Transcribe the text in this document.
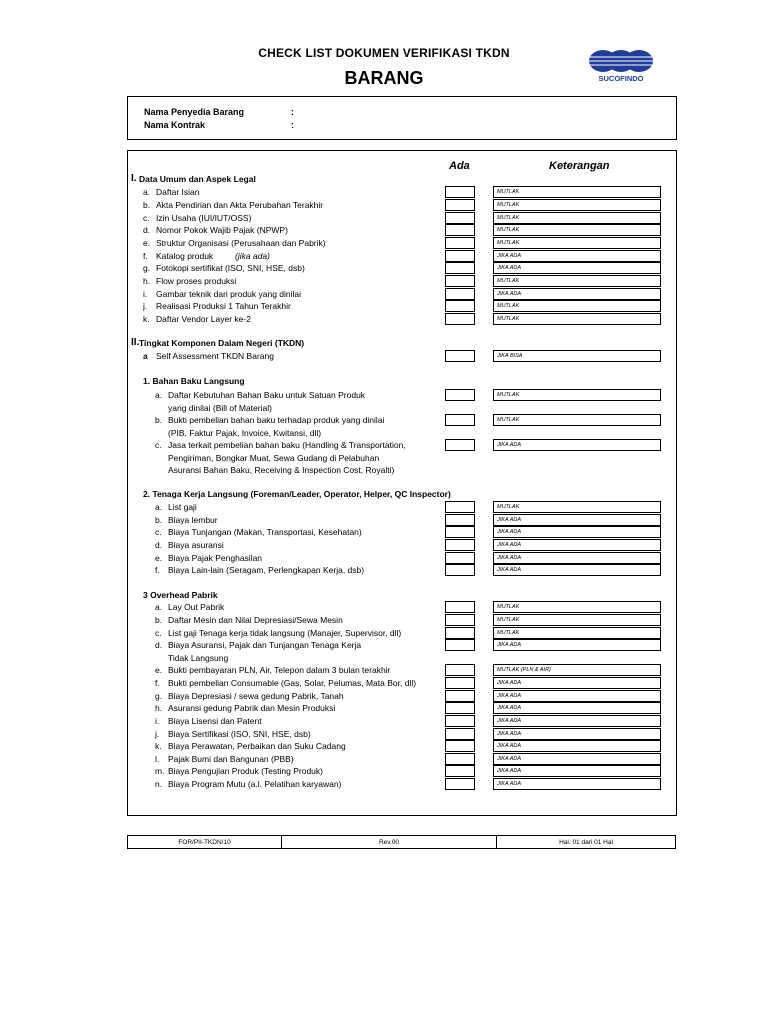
CHECK LIST DOKUMEN VERIFIKASI TKDN
BARANG	SUCOFINDO
Nama Penyedia Barang	:
Nama Kontrak	:
Ada	Keterangan
I. Data Umum dan Aspek Legal
a. Daftar Isian	MUTLAK
b. Akta Pendirian dan Akta Perubahan Terakhir	MUTLAK
c. Izin Usaha (IUI/IUT/OSS)	MUTLAK
d. Nomor Pokok Wajib Pajak (NPWP)	MUTLAK
e. Struktur Organisasi (Perusahaan dan Pabrik)	MUTLAK
f. Katalog produk	(jika ada)	JIKA ADA
g. Fotokopi sertifikat (ISO, SNI, HSE, dsb)	JIKA ADA
h. Flow proses produksi	MUTLAK
i. Gambar teknik dari produk yang dinilai	JIKA ADA
j. Realisasi Produksi 1 Tahun Terakhir	MUTLAK
k. Daftar Vendor Layer ke-2	MUTLAK
II. Tingkat Komponen Dalam Negeri (TKDN)
a Self Assessment TKDN Barang	JIKA BISA
1. Bahan Baku Langsung
a. Daftar Kebutuhan Bahan Baku untuk Satuan Produk	MUTLAK
yang dinilai (Bill of Material)
b. Bukti pembelian bahan baku terhadap produk yang dinilai	MUTLAK
(PIB, Faktur Pajak, Invoice, Kwitansi, dll)
c. Jasa terkait pembelian bahan baku (Handling & Transportation,	JIKA ADA
Pengiriman, Bongkar Muat, Sewa Gudang di Pelabuhan
Asuransi Bahan Baku, Receiving & Inspection Cost, Royalti)
2. Tenaga Kerja Langsung (Foreman/Leader, Operator, Helper, QC Inspector)
a. List gaji	MUTLAK
b. Biaya lembur	JIKA ADA
c. Biaya Tunjangan (Makan, Transportasi, Kesehatan)	JIKA ADA
d. Biaya asuransi	JIKA ADA
e. Biaya Pajak Penghasilan	JIKA ADA
f. Biaya Lain-lain (Seragam, Perlengkapan Kerja, dsb)	JIKA ADA
3 Overhead Pabrik
a. Lay Out Pabrik	MUTLAK
b. Daftar Mesin dan Nilai Depresiasi/Sewa Mesin	MUTLAK
c. List gaji Tenaga kerja tidak langsung (Manajer, Supervisor, dll)	MUTLAK
d. Biaya Asuransi, Pajak dan Tunjangan Tenaga Kerja	JIKA ADA
Tidak Langsung
e. Bukti pembayaran PLN, Air, Telepon dalam 3 bulan terakhir	MUTLAK (PLN & AIR)
f. Bukti pembelian Consumable (Gas, Solar, Pelumas, Mata Bor, dll)	JIKA ADA
g. Biaya Depresiasi / sewa gedung Pabrik, Tanah	JIKA ADA
h. Asuransi gedung Pabrik dan Mesin Produksi	JIKA ADA
i. Biaya Lisensi dan Patent	JIKA ADA
j. Biaya Sertifikasi (ISO, SNI, HSE, dsb)	JIKA ADA
k. Biaya Perawatan, Perbaikan dan Suku Cadang	JIKA ADA
l. Pajak Bumi dan Bangunan (PBB)	JIKA ADA
m. Biaya Pengujian Produk (Testing Produk)	JIKA ADA
n. Biaya Program Mutu (a.l. Pelatihan karyawan)	JIKA ADA
FOR/PII-TKDN/10	Rev.00	Hal. 01 dari 01 Hal
